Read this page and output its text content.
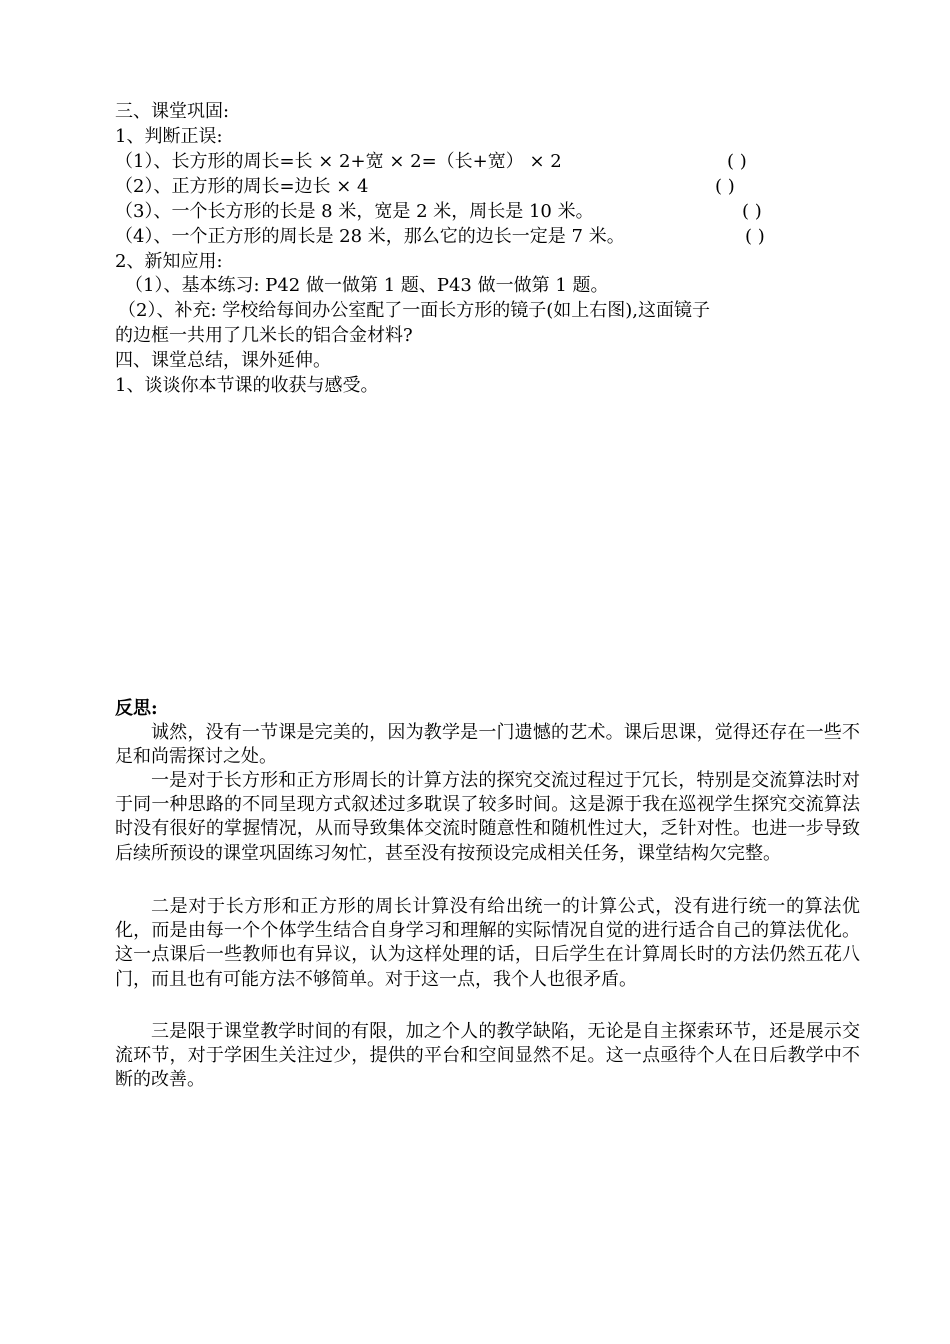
三、课堂巩固:
1、判断正误:
（1）、长方形的周长=长 × 2+宽 × 2=（长+宽） × 2	( )
（2）、正方形的周长=边长 × 4	( )
（3）、一个长方形的长是 8 米，宽是 2 米，周长是 10 米。	( )
（4）、一个正方形的周长是 28 米，那么它的边长一定是 7 米。	( )
2、新知应用:
（1）、基本练习: P42 做一做第 1 题、P43 做一做第 1 题。
（2）、补充: 学校给每间办公室配了一面长方形的镜子(如上右图),这面镜子
的边框一共用了几米长的铝合金材料?
四、课堂总结，课外延伸。
1、谈谈你本节课的收获与感受。
反思:
诚然，没有一节课是完美的，因为教学是一门遗憾的艺术。课后思课，觉得还存在一些不足和尚需探讨之处。
一是对于长方形和正方形周长的计算方法的探究交流过程过于冗长，特别是交流算法时对于同一种思路的不同呈现方式叙述过多耽误了较多时间。这是源于我在巡视学生探究交流算法时没有很好的掌握情况，从而导致集体交流时随意性和随机性过大，乏针对性。也进一步导致后续所预设的课堂巩固练习匆忙，甚至没有按预设完成相关任务，课堂结构欠完整。
二是对于长方形和正方形的周长计算没有给出统一的计算公式，没有进行统一的算法优化，而是由每一个个体学生结合自身学习和理解的实际情况自觉的进行适合自己的算法优化。这一点课后一些教师也有异议，认为这样处理的话，日后学生在计算周长时的方法仍然五花八门，而且也有可能方法不够简单。对于这一点，我个人也很矛盾。
三是限于课堂教学时间的有限，加之个人的教学缺陷，无论是自主探索环节，还是展示交流环节，对于学困生关注过少，提供的平台和空间显然不足。这一点亟待个人在日后教学中不断的改善。
